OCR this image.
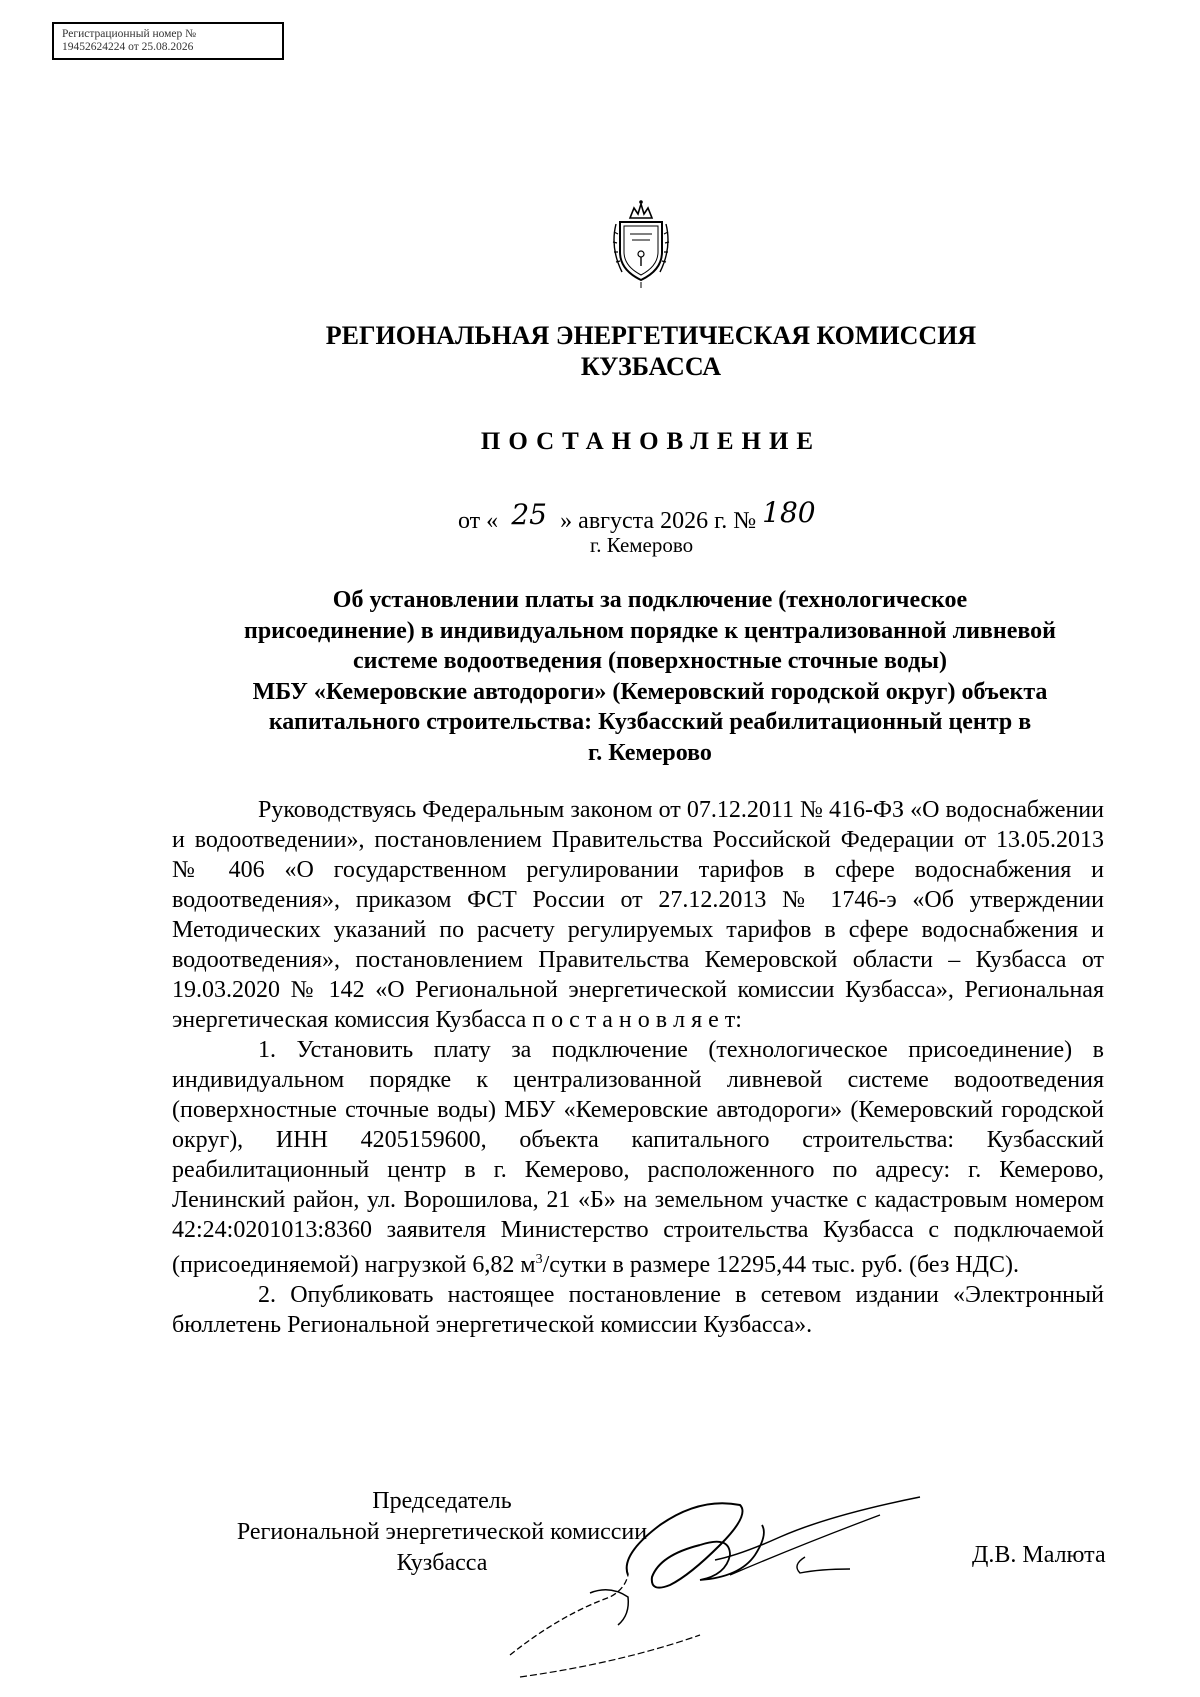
Регистрационный номер №
19452624224 от 25.08.2026
РЕГИОНАЛЬНАЯ ЭНЕРГЕТИЧЕСКАЯ КОМИССИЯ
КУЗБАССА
ПОСТАНОВЛЕНИЕ
от « 25 » августа 2026 г. № 180
г. Кемерово
Об установлении платы за подключение (технологическое
присоединение) в индивидуальном порядке к централизованной ливневой
системе водоотведения (поверхностные сточные воды)
МБУ «Кемеровские автодороги» (Кемеровский городской округ) объекта
капитального строительства: Кузбасский реабилитационный центр в
г. Кемерово

Руководствуясь Федеральным законом от 07.12.2011 № 416-ФЗ «О водоснабжении и водоотведении», постановлением Правительства Российской Федерации от 13.05.2013 № 406 «О государственном регулировании тарифов в сфере водоснабжения и водоотведения», приказом ФСТ России от 27.12.2013 № 1746-э «Об утверждении Методических указаний по расчету регулируемых тарифов в сфере водоснабжения и водоотведения», постановлением Правительства Кемеровской области – Кузбасса от 19.03.2020 № 142 «О Региональной энергетической комиссии Кузбасса», Региональная энергетическая комиссия Кузбасса п о с т а н о в л я е т:

1. Установить плату за подключение (технологическое присоединение) в индивидуальном порядке к централизованной ливневой системе водоотведения (поверхностные сточные воды) МБУ «Кемеровские автодороги» (Кемеровский городской округ), ИНН 4205159600, объекта капитального строительства: Кузбасский реабилитационный центр в г. Кемерово, расположенного по адресу: г. Кемерово, Ленинский район, ул. Ворошилова, 21 «Б» на земельном участке с кадастровым номером 42:24:0201013:8360 заявителя Министерство строительства Кузбасса с подключаемой (присоединяемой) нагрузкой 6,82 $м^3$/сутки в размере 12295,44 тыс. руб. (без НДС).

2. Опубликовать настоящее постановление в сетевом издании «Электронный бюллетень Региональной энергетической комиссии Кузбасса».

Председатель
Региональной энергетической комиссии
Кузбасса	Д.В. Малюта
